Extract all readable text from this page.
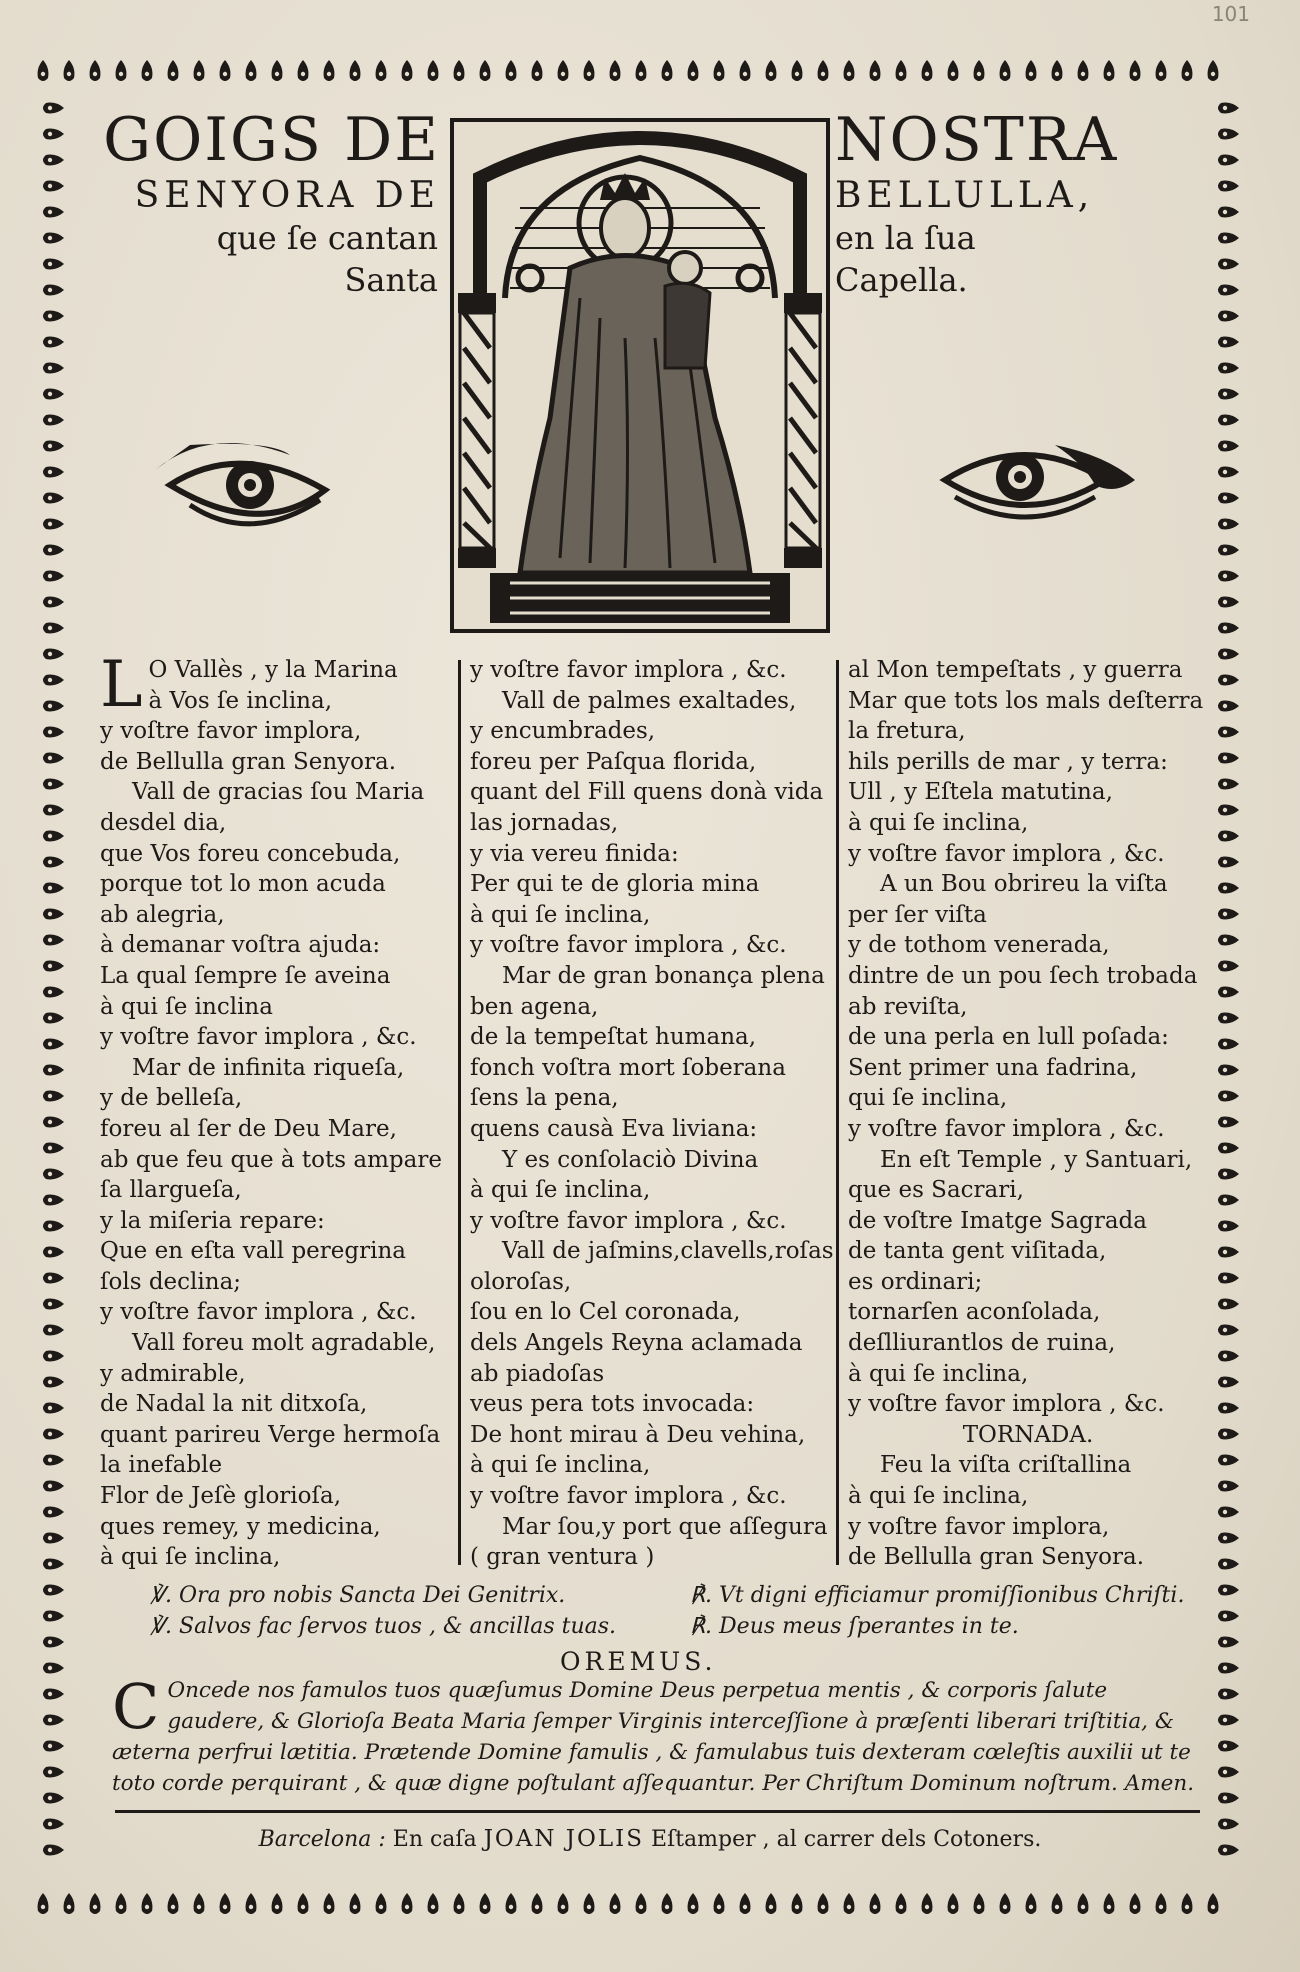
101
GOIGS DE
SENYORA DE
que ſe cantan
Santa
NOSTRA
BELLULLA,
en la ſua
Capella.
L O Vallès , y la Marina
à Vos ſe inclina,
y voſtre favor implora,
de Bellulla gran Senyora.
Vall de gracias ſou Maria
desdel dia,
que Vos foreu concebuda,
porque tot lo mon acuda
ab alegria,
à demanar voſtra ajuda:
La qual ſempre ſe aveina
à qui ſe inclina
y voſtre favor implora , &c.
Mar de infinita riqueſa,
y de belleſa,
foreu al ſer de Deu Mare,
ab que feu que à tots ampare
ſa llargueſa,
y la miſeria repare:
Que en eſta vall peregrina
ſols declina;
y voſtre favor implora , &c.
Vall foreu molt agradable,
y admirable,
de Nadal la nit ditxoſa,
quant parireu Verge hermoſa
la inefable
Flor de Jeſè glorioſa,
ques remey, y medicina,
à qui ſe inclina,
y voſtre favor implora , &c.
Vall de palmes exaltades,
y encumbrades,
foreu per Paſqua florida,
quant del Fill quens donà vida
las jornadas,
y via vereu finida:
Per qui te de gloria mina
à qui ſe inclina,
y voſtre favor implora , &c.
Mar de gran bonança plena
ben agena,
de la tempeſtat humana,
fonch voſtra mort ſoberana
ſens la pena,
quens causà Eva liviana:
Y es conſolaciò Divina
à qui ſe inclina,
y voſtre favor implora , &c.
Vall de jaſmins,clavells,roſas
oloroſas,
ſou en lo Cel coronada,
dels Angels Reyna aclamada
ab piadoſas
veus pera tots invocada:
De hont mirau à Deu vehina,
à qui ſe inclina,
y voſtre favor implora , &c.
Mar ſou,y port que aſſegura
( gran ventura )
al Mon tempeſtats , y guerra
Mar que tots los mals deſterra
la fretura,
hils perills de mar , y terra:
Ull , y Eſtela matutina,
à qui ſe inclina,
y voſtre favor implora , &c.
A un Bou obrireu la viſta
per ſer viſta
y de tothom venerada,
dintre de un pou ſech trobada
ab reviſta,
de una perla en lull poſada:
Sent primer una fadrina,
qui ſe inclina,
y voſtre favor implora , &c.
En eſt Temple , y Santuari,
que es Sacrari,
de voſtre Imatge Sagrada
de tanta gent viſitada,
es ordinari;
tornarſen aconſolada,
deſlliurantlos de ruina,
à qui ſe inclina,
y voſtre favor implora , &c.
TORNADA.
Feu la viſta criſtallina
à qui ſe inclina,
y voſtre favor implora,
de Bellulla gran Senyora.
℣. Ora pro nobis Sancta Dei Genitrix.	℟. Vt digni efficiamur promiſſionibus Chriſti.
℣. Salvos fac ſervos tuos , & ancillas tuas.	℟. Deus meus ſperantes in te.
OREMUS.
C Oncede nos famulos tuos quæſumus Domine Deus perpetua mentis , & corporis ſalute gaudere, & Glorioſa Beata Maria ſemper Virginis interceſſione à præſenti liberari triſtitia, & æterna perfrui lætitia. Prætende Domine famulis , & famulabus tuis dexteram cœleſtis auxilii ut te toto corde perquirant , & quæ digne poſtulant aſſequantur. Per Chriſtum Dominum noſtrum. Amen.
Barcelona : En caſa JOAN JOLIS Eſtamper , al carrer dels Cotoners.
